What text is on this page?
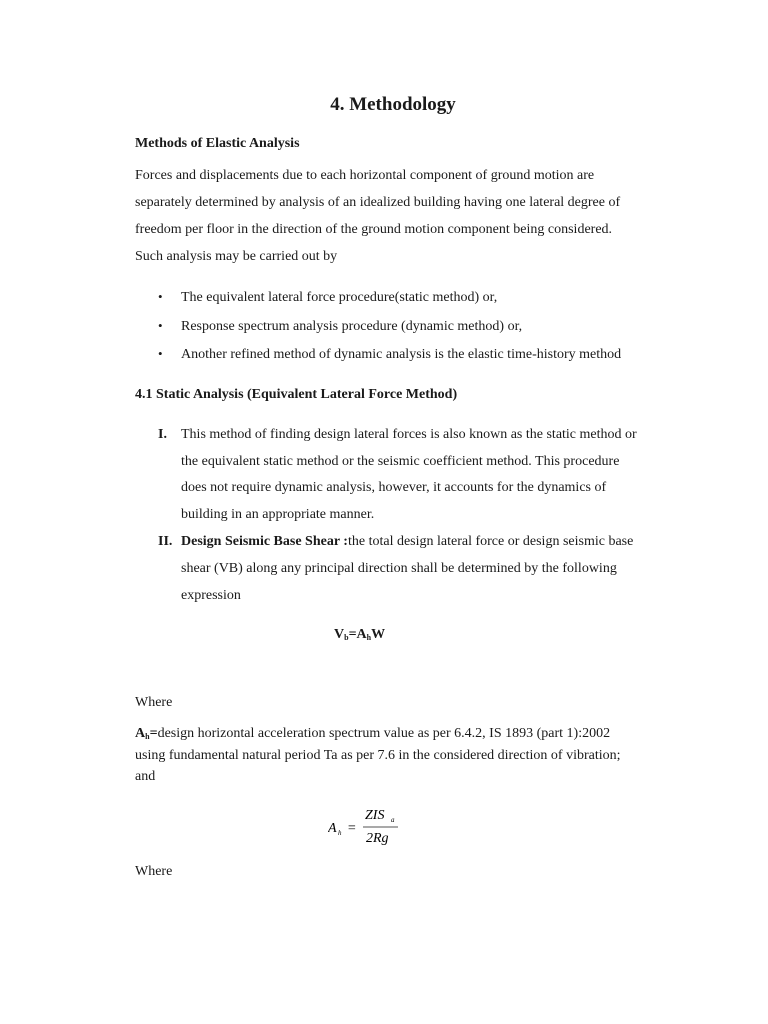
4. Methodology
Methods of Elastic Analysis
Forces and displacements due to each horizontal component of ground motion are
separately determined by analysis of an idealized building having one lateral degree of
freedom per floor in the direction of the ground motion component being considered.
Such analysis may be carried out by
• The equivalent lateral force procedure(static method) or,
• Response spectrum analysis procedure (dynamic method) or,
• Another refined method of dynamic analysis is the elastic time-history method
4.1 Static Analysis (Equivalent Lateral Force Method)
I. This method of finding design lateral forces is also known as the static method or
the equivalent static method or the seismic coefficient method. This procedure
does not require dynamic analysis, however, it accounts for the dynamics of
building in an appropriate manner.
II. Design Seismic Base Shear :the total design lateral force or design seismic base
shear (VB) along any principal direction shall be determined by the following
expression
$V_b=A_hW$
Where
$A_h=design$ horizontal acceleration spectrum value as per 6.4.2, IS 1893 (part 1):2002
using fundamental natural period Ta as per 7.6 in the considered direction of vibration;
and
A h =
ZIS a
2Rg
Where
